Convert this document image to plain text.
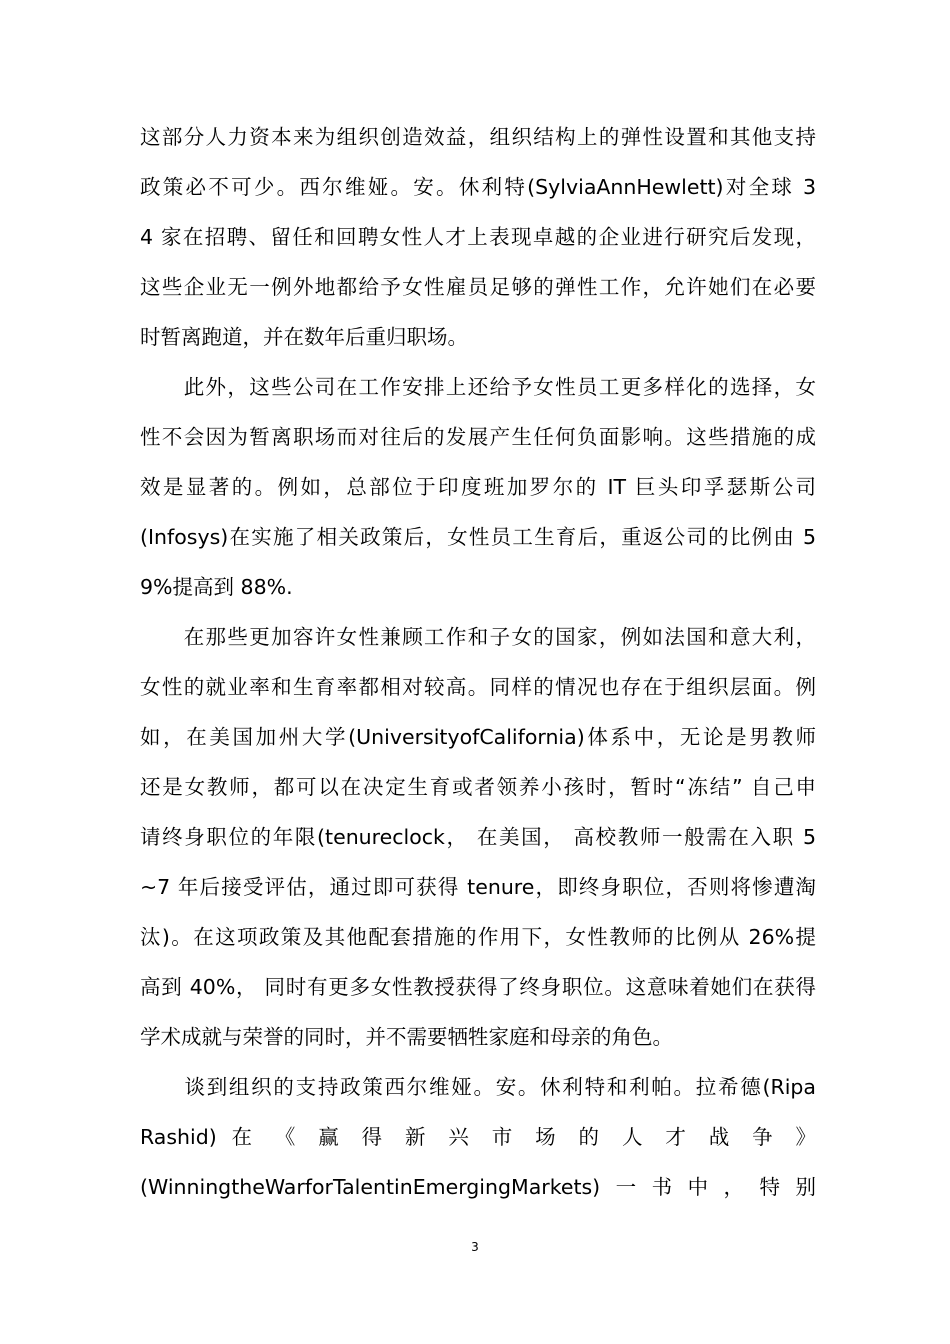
这部分人力资本来为组织创造效益，组织结构上的弹性设置和其他支持
政策必不可少。西尔维娅。安。休利特(SylviaAnnHewlett)对全球 3
4 家在招聘、留任和回聘女性人才上表现卓越的企业进行研究后发现，
这些企业无一例外地都给予女性雇员足够的弹性工作，允许她们在必要
时暂离跑道，并在数年后重归职场。
　　此外，这些公司在工作安排上还给予女性员工更多样化的选择，女
性不会因为暂离职场而对往后的发展产生任何负面影响。这些措施的成
效是显著的。例如，总部位于印度班加罗尔的 IT 巨头印孚瑟斯公司
(Infosys)在实施了相关政策后，女性员工生育后，重返公司的比例由 5
9%提高到 88%.
　　在那些更加容许女性兼顾工作和子女的国家，例如法国和意大利，
女性的就业率和生育率都相对较高。同样的情况也存在于组织层面。例
如，在美国加州大学(UniversityofCalifornia)体系中，无论是男教师
还是女教师，都可以在决定生育或者领养小孩时，暂时“冻结” 自己申
请终身职位的年限(tenureclock， 在美国， 高校教师一般需在入职 5
~7 年后接受评估，通过即可获得 tenure，即终身职位，否则将惨遭淘
汰)。在这项政策及其他配套措施的作用下，女性教师的比例从 26%提
高到 40%， 同时有更多女性教授获得了终身职位。这意味着她们在获得
学术成就与荣誉的同时，并不需要牺牲家庭和母亲的角色。
　　谈到组织的支持政策西尔维娅。安。休利特和利帕。拉希德(Ripa
Rashid) 在 《 赢 得 新 兴 市 场 的 人 才 战 争 》
(WinningtheWarforTalentinEmergingMarkets)一书中，特别
3
